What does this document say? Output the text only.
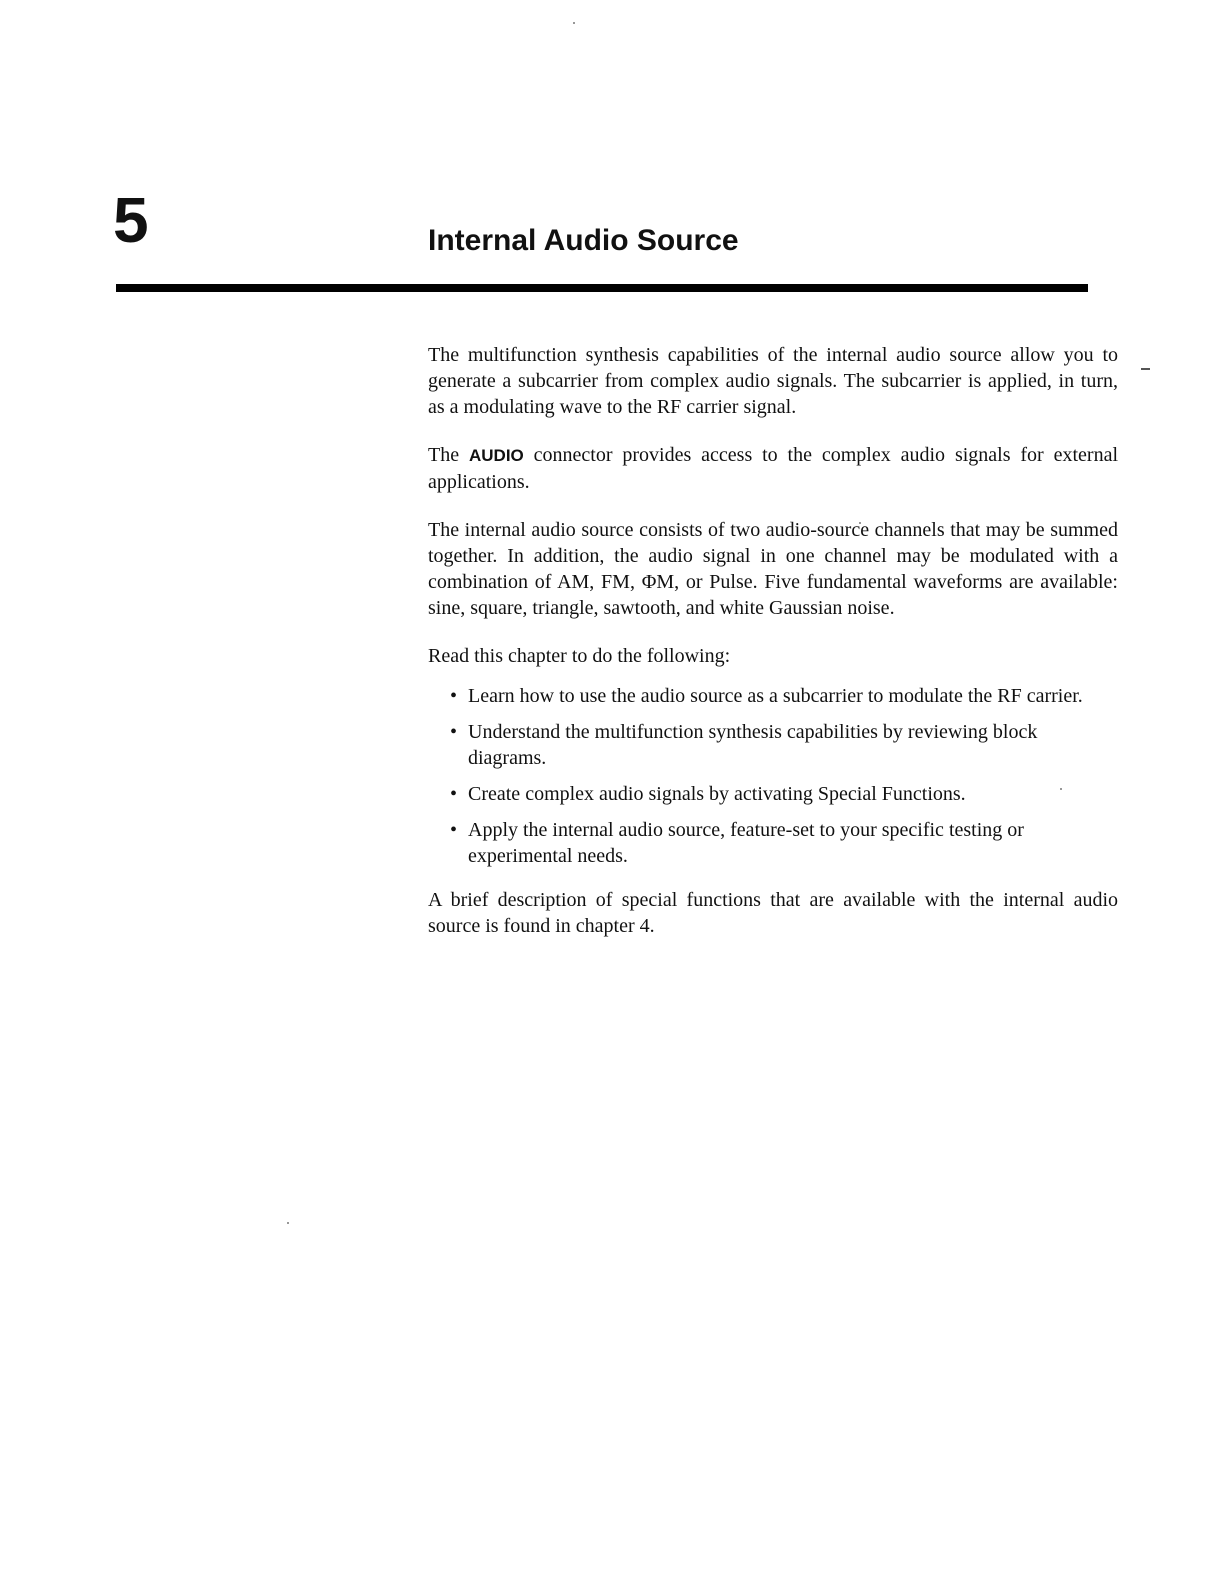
5	Internal Audio Source

The multifunction synthesis capabilities of the internal audio source allow you to generate a subcarrier from complex audio signals. The subcarrier is applied, in turn, as a modulating wave to the RF carrier signal.

The AUDIO connector provides access to the complex audio signals for external applications.

The internal audio source consists of two audio-source channels that may be summed together. In addition, the audio signal in one channel may be modulated with a combination of AM, FM, ΦM, or Pulse. Five fundamental waveforms are available: sine, square, triangle, sawtooth, and white Gaussian noise.

Read this chapter to do the following:

• Learn how to use the audio source as a subcarrier to modulate the RF carrier.
• Understand the multifunction synthesis capabilities by reviewing block diagrams.
• Create complex audio signals by activating Special Functions.
• Apply the internal audio source, feature-set to your specific testing or experimental needs.

A brief description of special functions that are available with the internal audio source is found in chapter 4.
